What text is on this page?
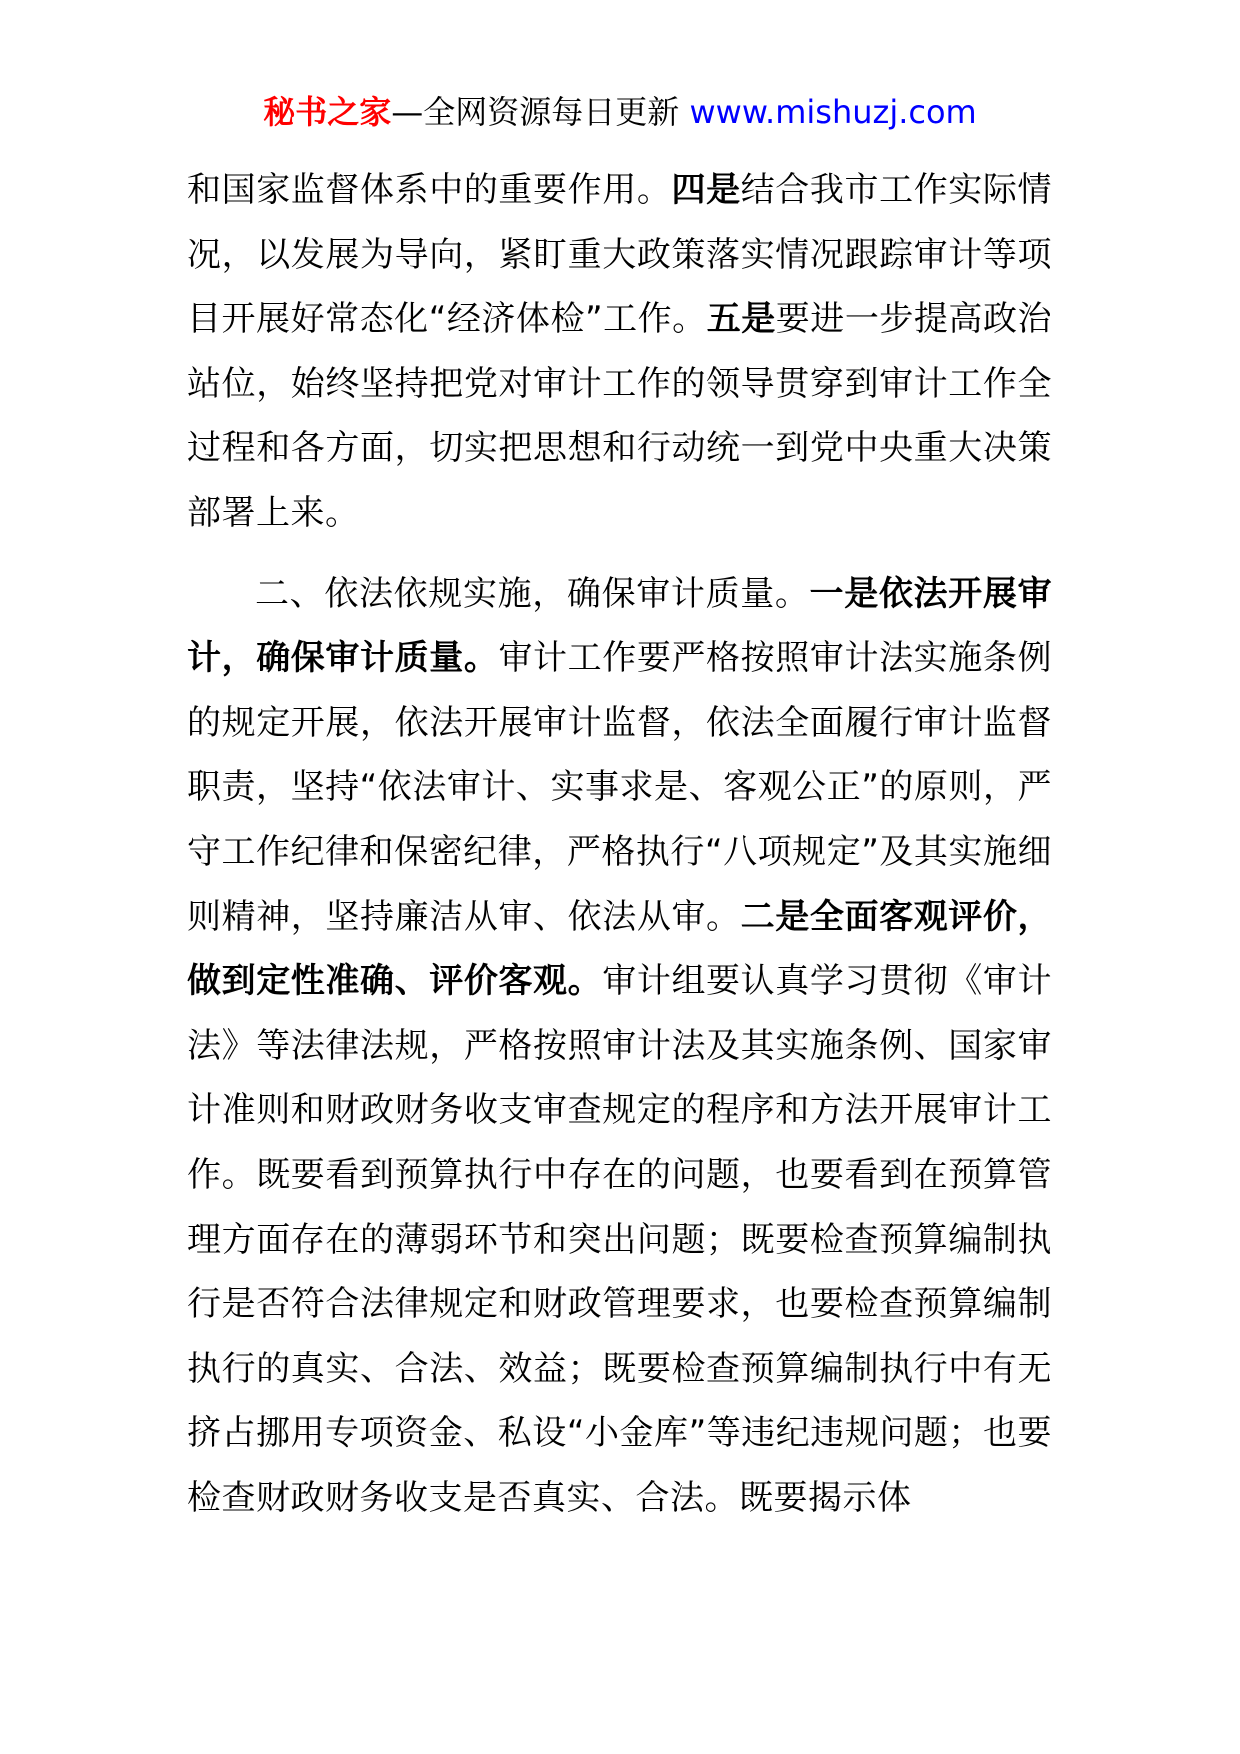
秘书之家—全网资源每日更新 www.mishuzj.com

和国家监督体系中的重要作用。四是结合我市工作实际情况，以发展为导向，紧盯重大政策落实情况跟踪审计等项目开展好常态化“经济体检”工作。五是要进一步提高政治站位，始终坚持把党对审计工作的领导贯穿到审计工作全过程和各方面，切实把思想和行动统一到党中央重大决策部署上来。

二、依法依规实施，确保审计质量。一是依法开展审计，确保审计质量。审计工作要严格按照审计法实施条例的规定开展，依法开展审计监督，依法全面履行审计监督职责，坚持“依法审计、实事求是、客观公正”的原则，严守工作纪律和保密纪律，严格执行“八项规定”及其实施细则精神，坚持廉洁从审、依法从审。二是全面客观评价，做到定性准确、评价客观。审计组要认真学习贯彻《审计法》等法律法规，严格按照审计法及其实施条例、国家审计准则和财政财务收支审查规定的程序和方法开展审计工作。既要看到预算执行中存在的问题，也要看到在预算管理方面存在的薄弱环节和突出问题；既要检查预算编制执行是否符合法律规定和财政管理要求，也要检查预算编制执行的真实、合法、效益；既要检查预算编制执行中有无挤占挪用专项资金、私设“小金库”等违纪违规问题；也要检查财政财务收支是否真实、合法。既要揭示体
